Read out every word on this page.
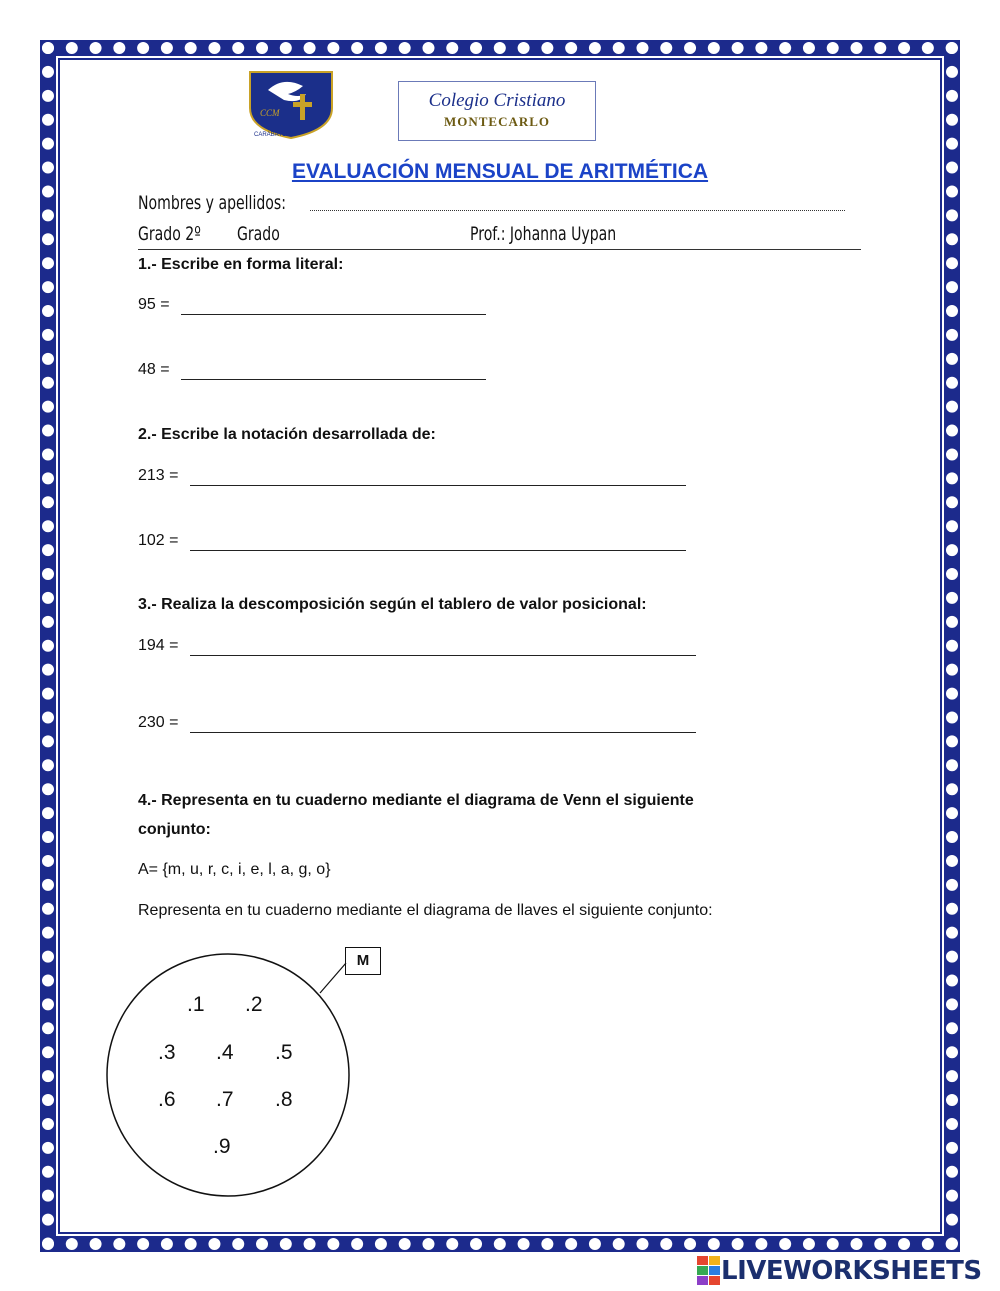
CCM
CARABAYLLO
Colegio Cristiano
MONTECARLO
EVALUACIÓN MENSUAL DE ARITMÉTICA
Nombres y apellidos:
Grado 2º Grado	Prof.: Johanna Uypan
1.- Escribe en forma literal:
95 =
48 =
2.- Escribe la notación desarrollada de:
213 =
102 =
3.- Realiza la descomposición según el tablero de valor posicional:
194 =
230 =
4.- Representa en tu cuaderno mediante el diagrama de Venn el siguiente
conjunto:
A= {m, u, r, c, i, e, l, a, g, o}
Representa en tu cuaderno mediante el diagrama de llaves el siguiente conjunto:
M
.1 .2
.3 .4 .5
.6 .7 .8
.9
LIVEWORKSHEETS
